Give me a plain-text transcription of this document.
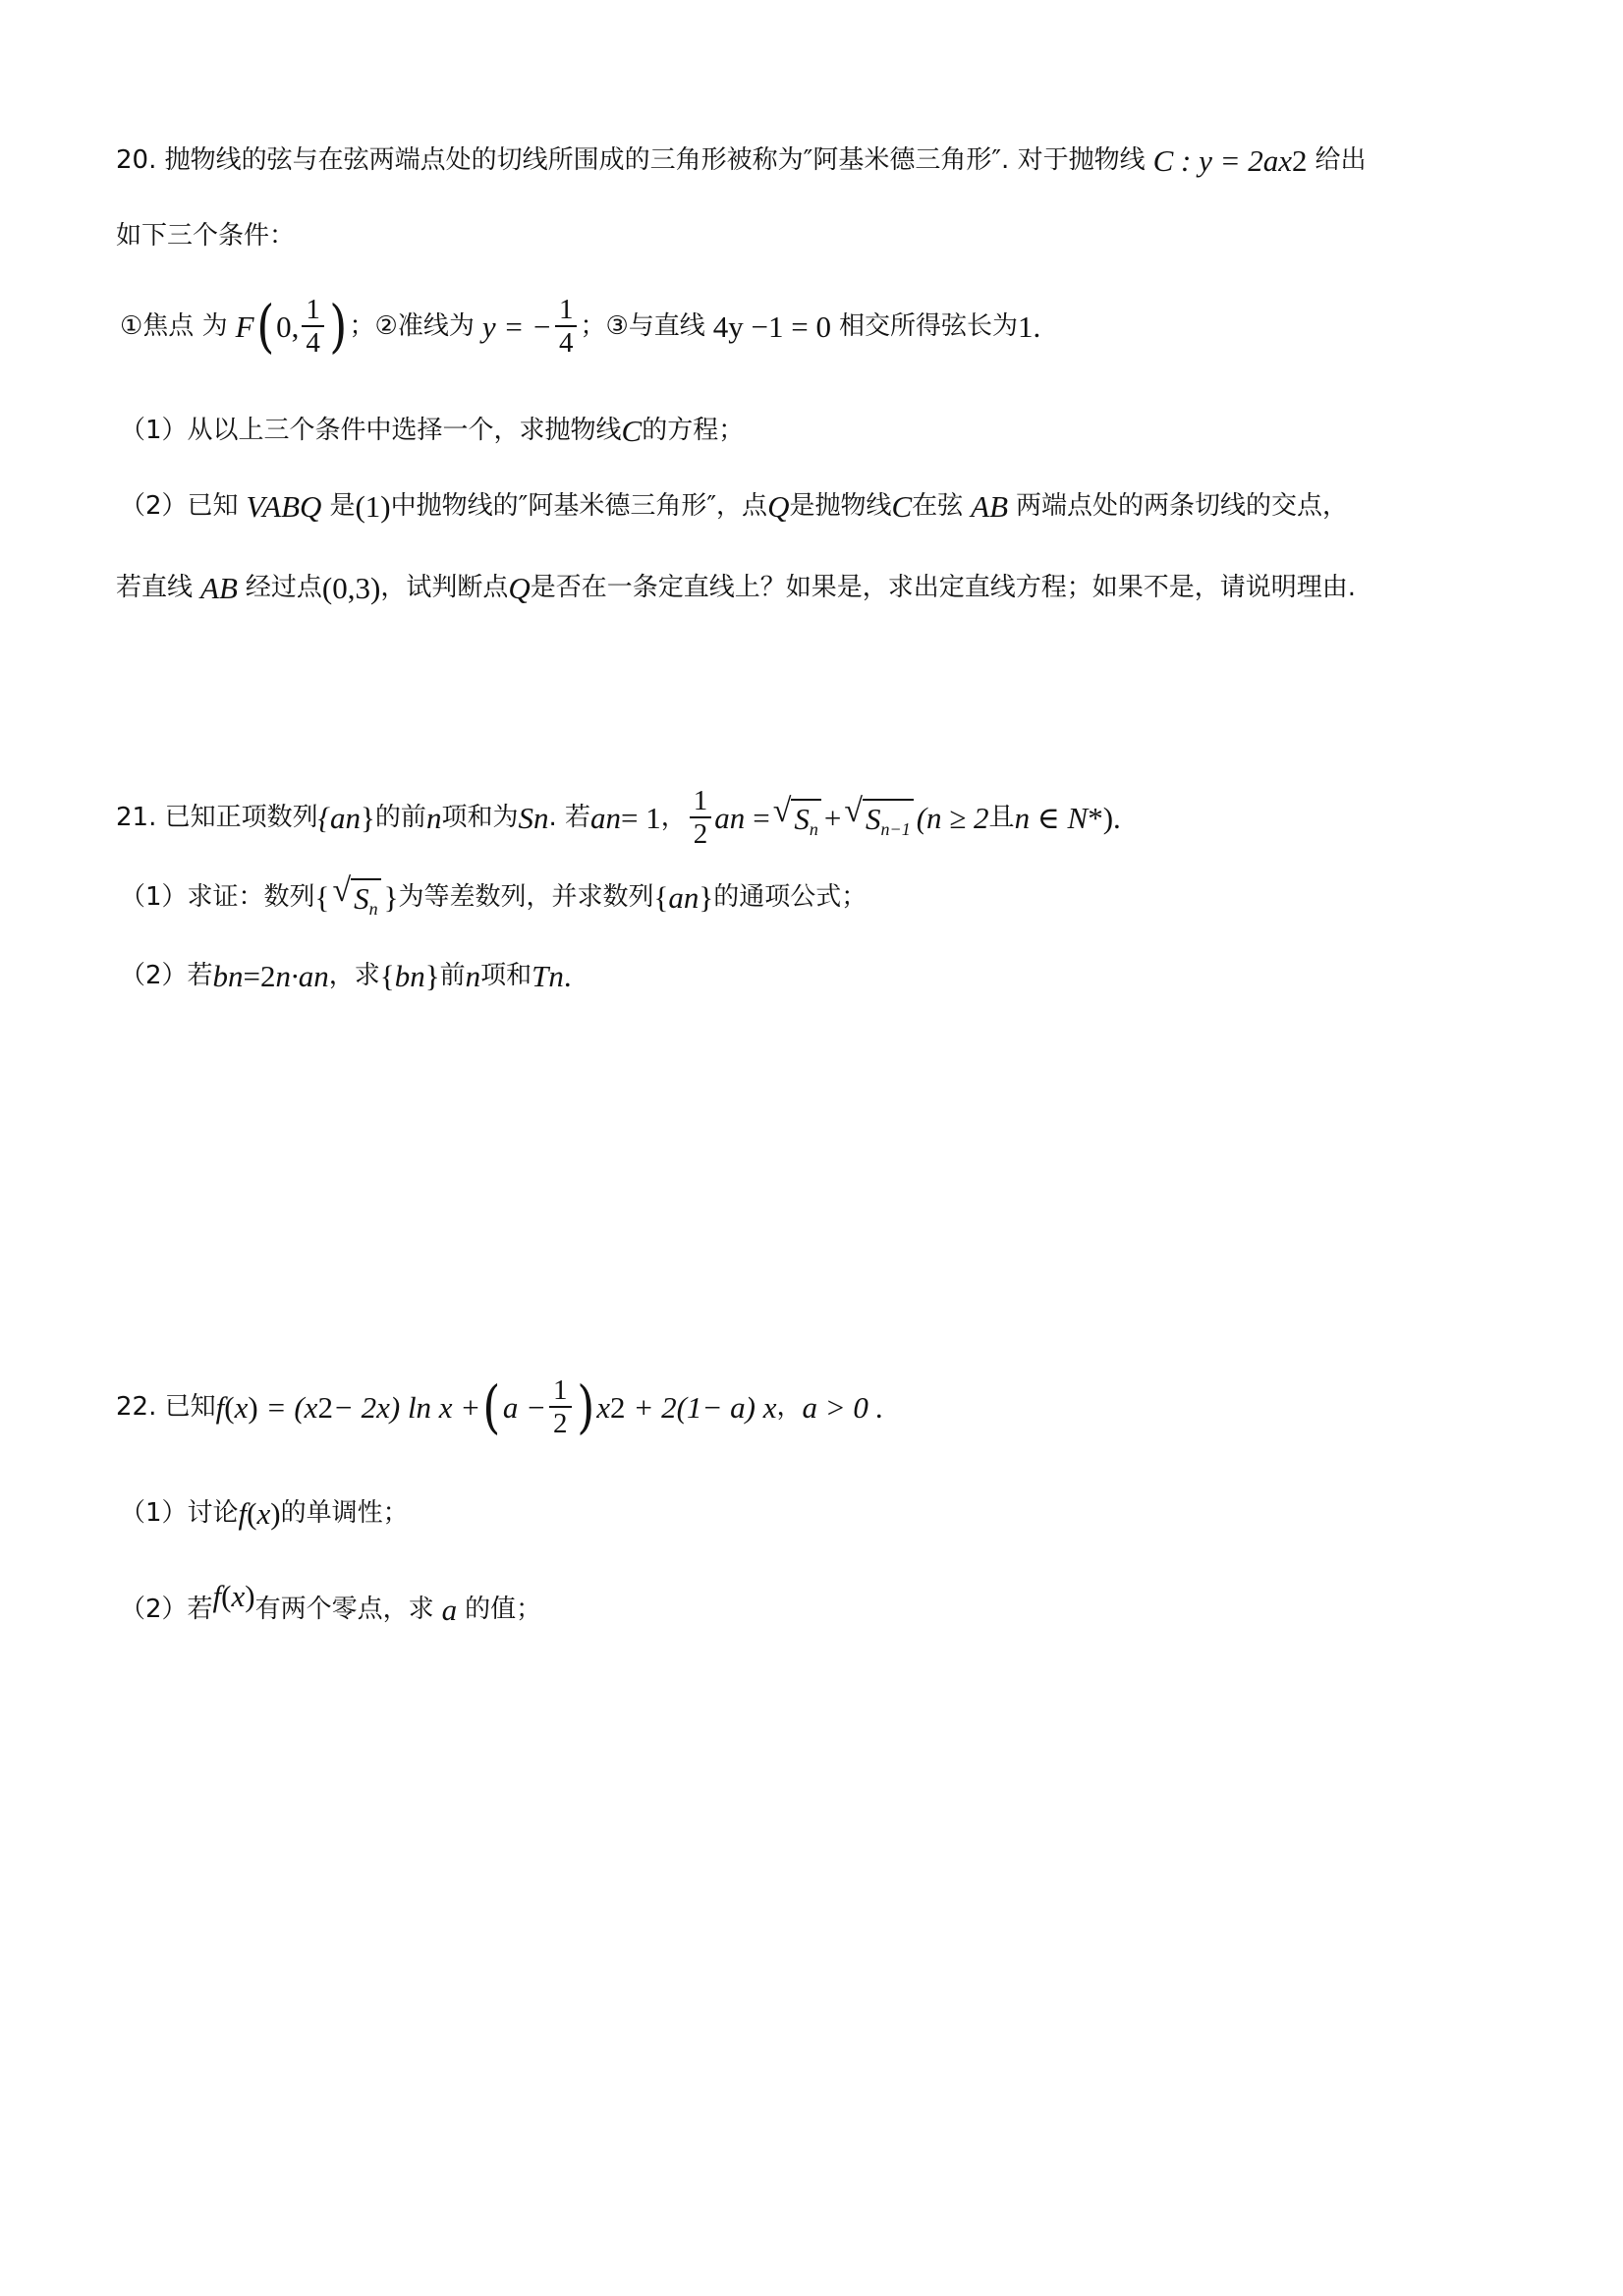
20. 抛物线的弦与在弦两端点处的切线所围成的三角形被称为″阿基米德三角形″. 对于抛物线 C : y = 2ax 2 给出
如下三个条件：
①焦点 为 F ( 0, $\frac{1}{4}$ ) ；②准线为 y = − $\frac{1}{4}$ ；③与直线 4y −1 = 0 相交所得弦长为 1.
（1）从以上三个条件中选择一个，求抛物线 C 的方程；
（2）已知 VABQ 是 (1) 中抛物线的″阿基米德三角形″，点 Q 是抛物线 C 在弦 AB 两端点处的两条切线的交点，
若直线 AB 经过点 (0,3) ，试判断点 Q 是否在一条定直线上？如果是，求出定直线方程；如果不是，请说明理由.
21. 已知正项数列 {a n } 的前 n 项和为 S n . 若 a n = 1 ， $\frac{1}{2}$ a n = √ $S_n$ + √ $S_{n-1}$ (n ≥ 2 且 n ∈ N * ).
（1）求证：数列 { √ $S_n$ } 为等差数列，并求数列 { a n } 的通项公式；
（2）若 b n =2 n ·a n ，求 { b n } 前 n 项和 T n .
22. 已知 f ( x ) = (x 2 − 2x) ln x + ( $a - \frac{1}{2}$ ) x 2 + 2(1− a) x ， a > 0 .
（1）讨论 f ( x ) 的单调性；
（2）若 f ( x ) 有两个零点，求 a 的值；
